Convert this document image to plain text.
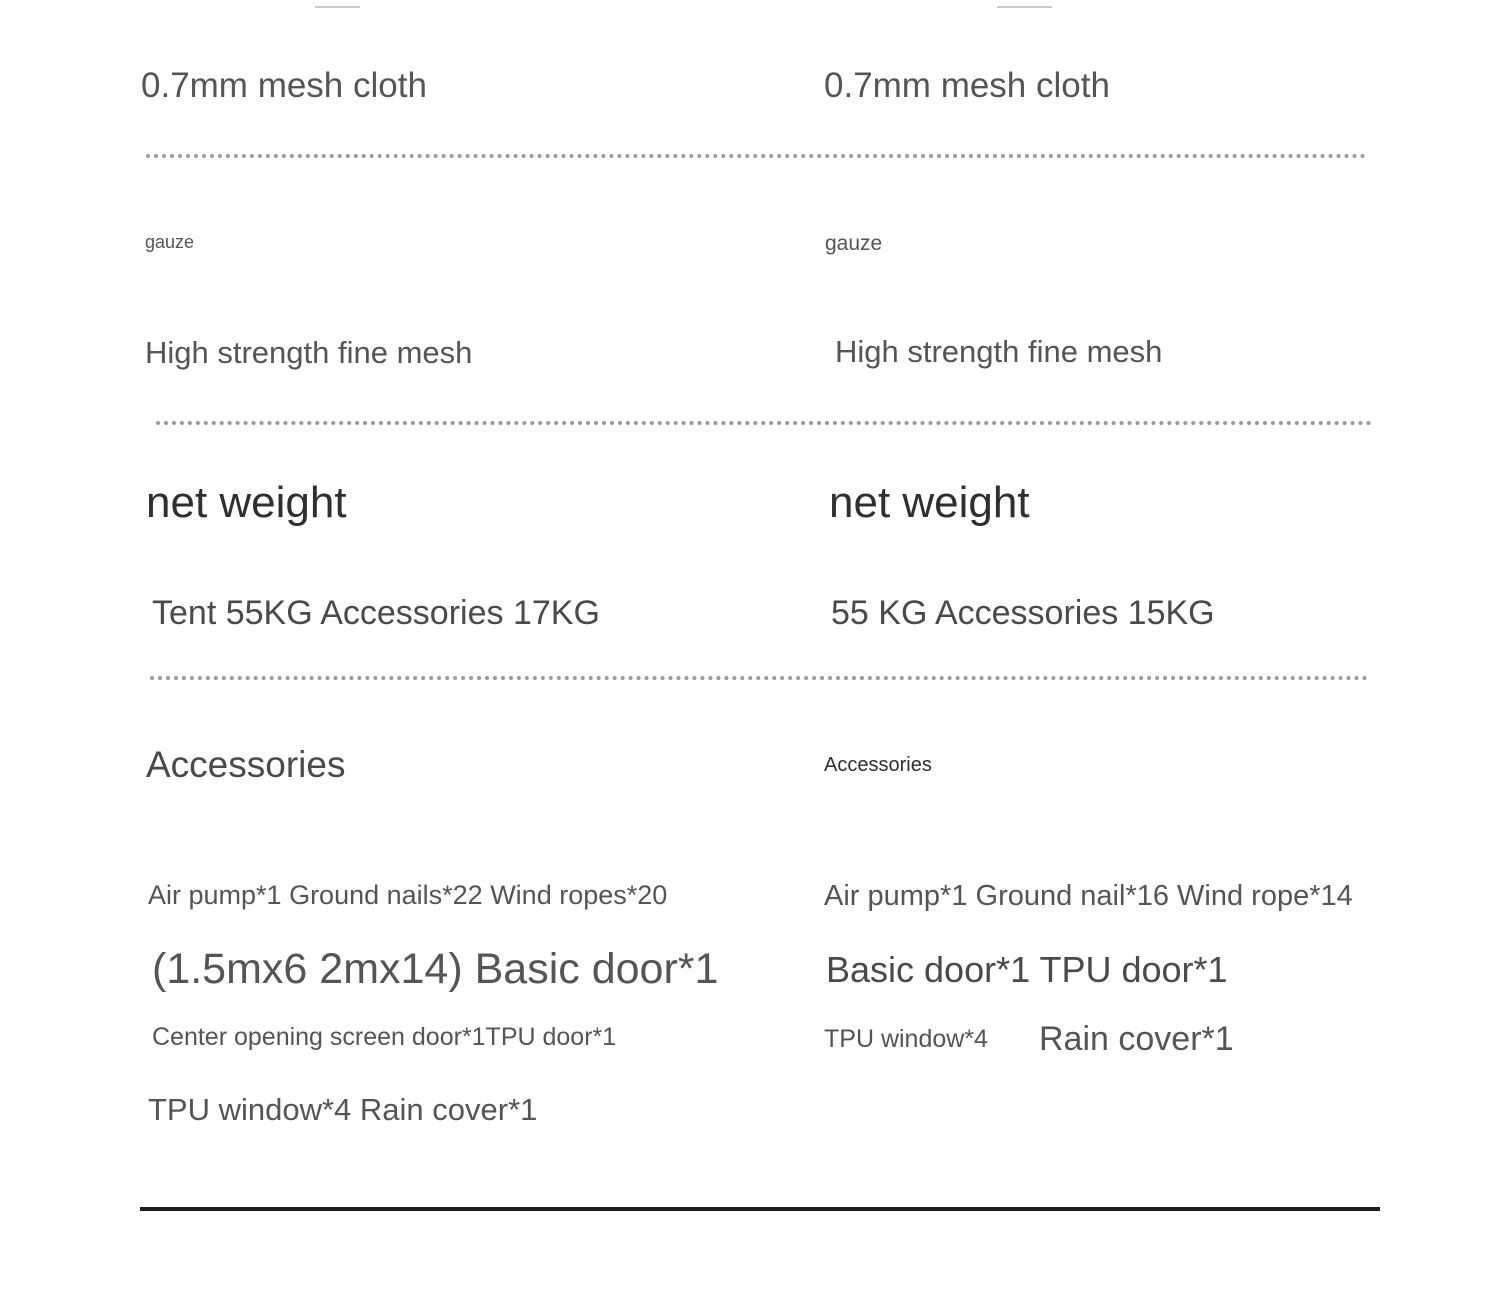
0.7mm mesh cloth

gauze

High strength fine mesh

net weight

Tent 55KG Accessories 17KG

Accessories

Air pump*1 Ground nails*22 Wind ropes*20

(1.5mx6 2mx14) Basic door*1

Center opening screen door*1TPU door*1

TPU window*4 Rain cover*1

0.7mm mesh cloth

gauze

High strength fine mesh

net weight

55 KG Accessories 15KG

Accessories

Air pump*1 Ground nail*16 Wind rope*14

Basic door*1 TPU door*1

TPU window*4 Rain cover*1
